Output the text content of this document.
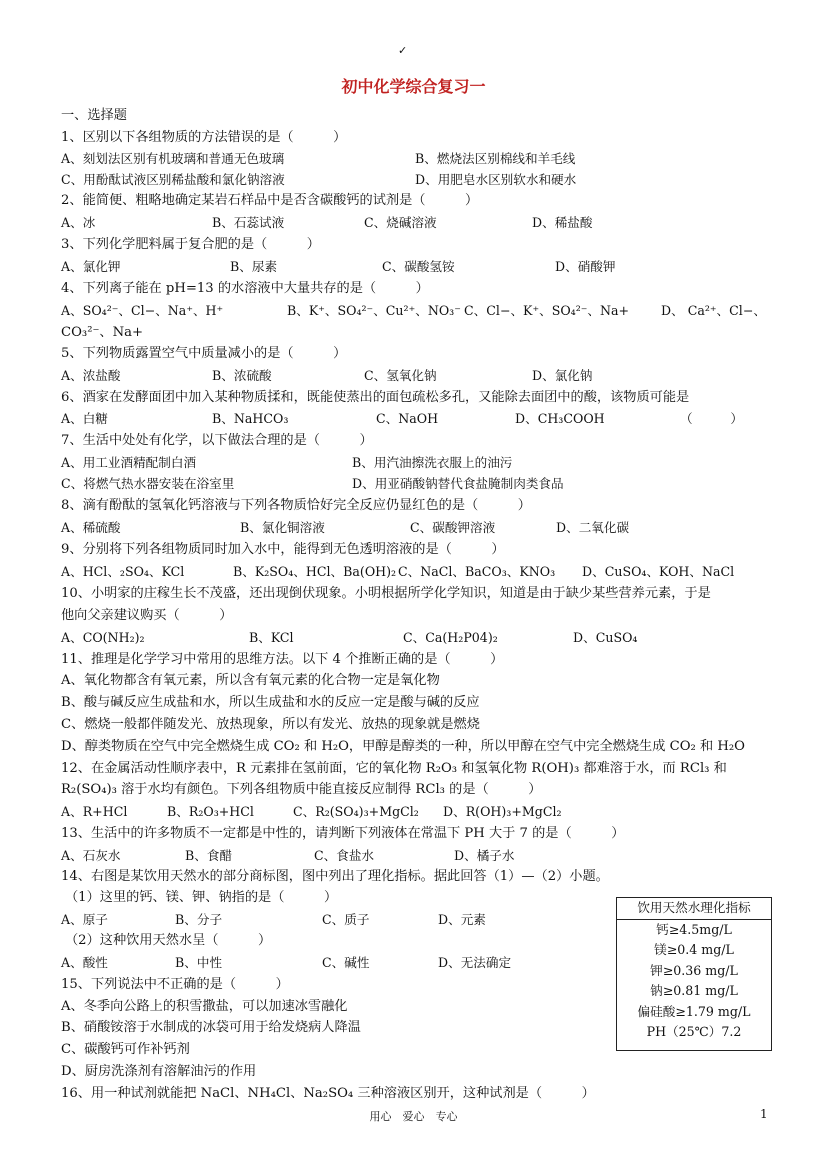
✓
初中化学综合复习一
一、选择题
1、区别以下各组物质的方法错误的是（　　　）
A、刻划法区别有机玻璃和普通无色玻璃	B、燃烧法区别棉线和羊毛线
C、用酚酞试液区别稀盐酸和氯化钠溶液	D、用肥皂水区别软水和硬水
2、能简便、粗略地确定某岩石样品中是否含碳酸钙的试剂是（　　　）
A、冰	B、石蕊试液	C、烧碱溶液	D、稀盐酸
3、下列化学肥料属于复合肥的是（　　　）
A、氯化钾	B、尿素	C、碳酸氢铵	D、硝酸钾
4、下列离子能在 pH=13 的水溶液中大量共存的是（　　　）
A、SO₄²⁻、Cl−、Na⁺、H⁺	B、K⁺、SO₄²⁻、Cu²⁺、NO₃⁻ C、Cl−、K⁺、SO₄²⁻、Na+	D、 Ca²⁺、Cl−、
CO₃²⁻、Na+
5、下列物质露置空气中质量减小的是（　　　）
A、浓盐酸	B、浓硫酸	C、氢氧化钠	D、氯化钠
6、酒家在发酵面团中加入某种物质揉和，既能使蒸出的面包疏松多孔，又能除去面团中的酸，该物质可能是
A、白糖	B、NaHCO₃	C、NaOH	D、CH₃COOH	（　　　）
7、生活中处处有化学，以下做法合理的是（　　　）
A、用工业酒精配制白酒	B、用汽油擦洗衣服上的油污
C、将燃气热水器安装在浴室里	D、用亚硝酸钠替代食盐腌制肉类食品
8、滴有酚酞的氢氧化钙溶液与下列各物质恰好完全反应仍显红色的是（　　　）
A、稀硫酸	B、氯化铜溶液	C、碳酸钾溶液	D、二氧化碳
9、分别将下列各组物质同时加入水中，能得到无色透明溶液的是（　　　）
A、HCl、₂SO₄、KCl	B、K₂SO₄、HCl、Ba(OH)₂ C、NaCl、BaCO₃、KNO₃ D、CuSO₄、KOH、NaCl
10、小明家的庄稼生长不茂盛，还出现倒伏现象。小明根据所学化学知识，知道是由于缺少某些营养元素，于是
他向父亲建议购买（　　　）
A、CO(NH₂)₂	B、KCl	C、Ca(H₂P04)₂	D、CuSO₄
11、推理是化学学习中常用的思维方法。以下 4 个推断正确的是（　　　）
A、氧化物都含有氧元素，所以含有氧元素的化合物一定是氧化物
B、酸与碱反应生成盐和水，所以生成盐和水的反应一定是酸与碱的反应
C、燃烧一般都伴随发光、放热现象，所以有发光、放热的现象就是燃烧
D、醇类物质在空气中完全燃烧生成 CO₂ 和 H₂O，甲醇是醇类的一种，所以甲醇在空气中完全燃烧生成 CO₂ 和 H₂O
12、在金属活动性顺序表中，R 元素排在氢前面，它的氧化物 R₂O₃ 和氢氧化物 R(OH)₃ 都难溶于水，而 RCl₃ 和
R₂(SO₄)₃ 溶于水均有颜色。下列各组物质中能直接反应制得 RCl₃ 的是（　　　）
A、R+HCl	B、R₂O₃+HCl	C、R₂(SO₄)₃+MgCl₂ D、R(OH)₃+MgCl₂
13、生活中的许多物质不一定都是中性的，请判断下列液体在常温下 PH 大于 7 的是（　　　）
A、石灰水	B、食醋	C、食盐水	D、橘子水
14、右图是某饮用天然水的部分商标图，图中列出了理化指标。据此回答（1）—（2）小题。
（1）这里的钙、镁、钾、钠指的是（　　　）
A、原子	B、分子	C、质子	D、元素
（2）这种饮用天然水呈（　　　）
A、酸性	B、中性	C、碱性	D、无法确定
15、下列说法中不正确的是（　　　）
A、冬季向公路上的积雪撒盐，可以加速冰雪融化
B、硝酸铵溶于水制成的冰袋可用于给发烧病人降温
C、碳酸钙可作补钙剂
D、厨房洗涤剂有溶解油污的作用
16、用一种试剂就能把 NaCl、NH₄Cl、Na₂SO₄ 三种溶液区别开，这种试剂是（　　　）
饮用天然水理化指标
钙≥4.5mg/L
镁≥0.4 mg/L
钾≥0.36 mg/L
钠≥0.81 mg/L
偏硅酸≥1.79 mg/L
PH（25℃）7.2
用心　爱心　专心	1
